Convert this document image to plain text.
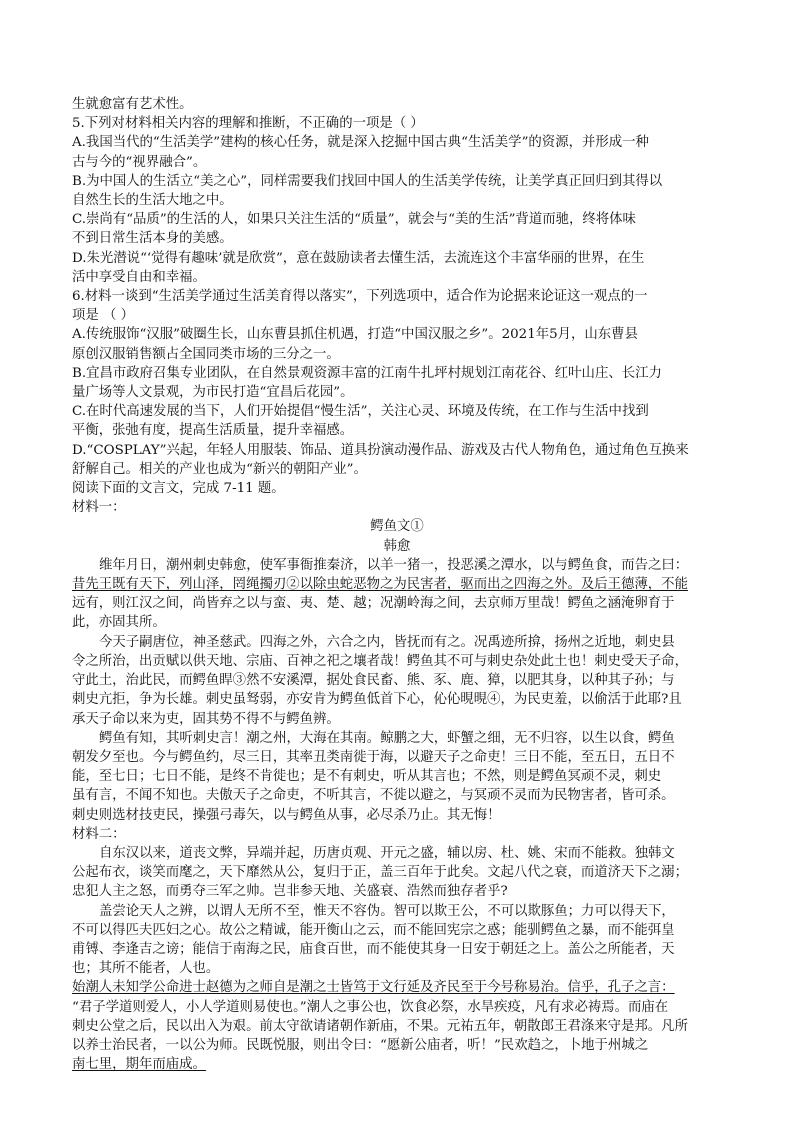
生就愈富有艺术性。
5.下列对材料相关内容的理解和推断，不正确的一项是（ ）
A.我国当代的“生活美学”建构的核心任务，就是深入挖掘中国古典“生活美学”的资源，并形成一种
古与今的“视界融合”。
B.为中国人的生活立“美之心”，同样需要我们找回中国人的生活美学传统，让美学真正回归到其得以
自然生长的生活大地之中。
C.崇尚有“品质”的生活的人，如果只关注生活的“质量”，就会与“美的生活”背道而驰，终将体味
不到日常生活本身的美感。
D.朱光潜说“‘觉得有趣味’就是欣赏”，意在鼓励读者去懂生活，去流连这个丰富华丽的世界，在生
活中享受自由和幸福。
6.材料一谈到“生活美学通过生活美育得以落实”，下列选项中，适合作为论据来论证这一观点的一
项是 （ ）
A.传统服饰“汉服”破圈生长，山东曹县抓住机遇，打造“中国汉服之乡”。2021年5月，山东曹县
原创汉服销售额占全国同类市场的三分之一。
B.宜昌市政府召集专业团队，在自然景观资源丰富的江南牛扎坪村规划江南花谷、红叶山庄、长江力
量广场等人文景观，为市民打造“宜昌后花园”。
C.在时代高速发展的当下，人们开始提倡“慢生活”，关注心灵、环境及传统，在工作与生活中找到
平衡，张弛有度，提高生活质量，提升幸福感。
D.“COSPLAY”兴起，年轻人用服装、饰品、道具扮演动漫作品、游戏及古代人物角色，通过角色互换来
舒解自己。相关的产业也成为“新兴的朝阳产业”。
阅读下面的文言文，完成 7-11 题。
材料一：
鳄鱼文①
韩愈
维年月日，潮州刺史韩愈，使军事衙推秦济，以羊一猪一，投恶溪之潭水，以与鳄鱼食，而告之曰：
昔先王既有天下，列山泽，罔绳擉刃②以除虫蛇恶物之为民害者，驱而出之四海之外。及后王德薄，不能
远有，则江汉之间，尚皆弃之以与蛮、夷、楚、越；况潮岭海之间，去京师万里哉！鳄鱼之涵淹卵育于
此，亦固其所。
今天子嗣唐位，神圣慈武。四海之外，六合之内，皆抚而有之。况禹迹所揜，扬州之近地，刺史县
令之所治，出贡赋以供天地、宗庙、百神之祀之壤者哉！鳄鱼其不可与刺史杂处此土也！刺史受天子命，
守此土，治此民，而鳄鱼睅③然不安溪潭，据处食民畜、熊、豕、鹿、獐，以肥其身，以种其子孙；与
刺史亢拒，争为长雄。刺史虽驽弱，亦安肯为鳄鱼低首下心，伈伈晛晛④，为民吏羞，以偷活于此耶?且
承天子命以来为吏，固其势不得不与鳄鱼辨。
鳄鱼有知，其听刺史言！潮之州，大海在其南。鲸鹏之大，虾蟹之细，无不归容，以生以食，鳄鱼
朝发夕至也。今与鳄鱼约，尽三日，其率丑类南徙于海，以避天子之命吏！三日不能，至五日，五日不
能，至七日；七日不能，是终不肯徙也；是不有刺史，听从其言也；不然，则是鳄鱼冥顽不灵，刺史
虽有言，不闻不知也。夫傲天子之命吏，不听其言，不徙以避之，与冥顽不灵而为民物害者，皆可杀。
刺史则选材技吏民，操强弓毒矢，以与鳄鱼从事，必尽杀乃止。其无悔！
材料二：
自东汉以来，道丧文弊，异端并起，历唐贞观、开元之盛，辅以房、杜、姚、宋而不能救。独韩文
公起布衣，谈笑而麾之，天下靡然从公，复归于正，盖三百年于此矣。文起八代之衰，而道济天下之溺；
忠犯人主之怒，而勇夺三军之帅。岂非参天地、关盛衰、浩然而独存者乎?
盖尝论天人之辨，以谓人无所不至，惟天不容伪。智可以欺王公，不可以欺豚鱼；力可以得天下，
不可以得匹夫匹妇之心。故公之精诚，能开衡山之云，而不能回宪宗之惑；能驯鳄鱼之暴，而不能弭皇
甫镈、李逢吉之谤；能信于南海之民，庙食百世，而不能使其身一日安于朝廷之上。盖公之所能者，天
也；其所不能者，人也。
始潮人未知学公命进士赵德为之师自是潮之士皆笃于文行延及齐民至于今号称易治。信乎，孔子之言：
“君子学道则爱人，小人学道则易使也。”潮人之事公也，饮食必祭，水旱疾疫，凡有求必祷焉。而庙在
刺史公堂之后，民以出入为艰。前太守欲请诸朝作新庙，不果。元祐五年，朝散郎王君涤来守是邦。凡所
以养士治民者，一以公为师。民既悦服，则出令曰：“愿新公庙者，听！”民欢趋之，卜地于州城之
南七里，期年而庙成。
